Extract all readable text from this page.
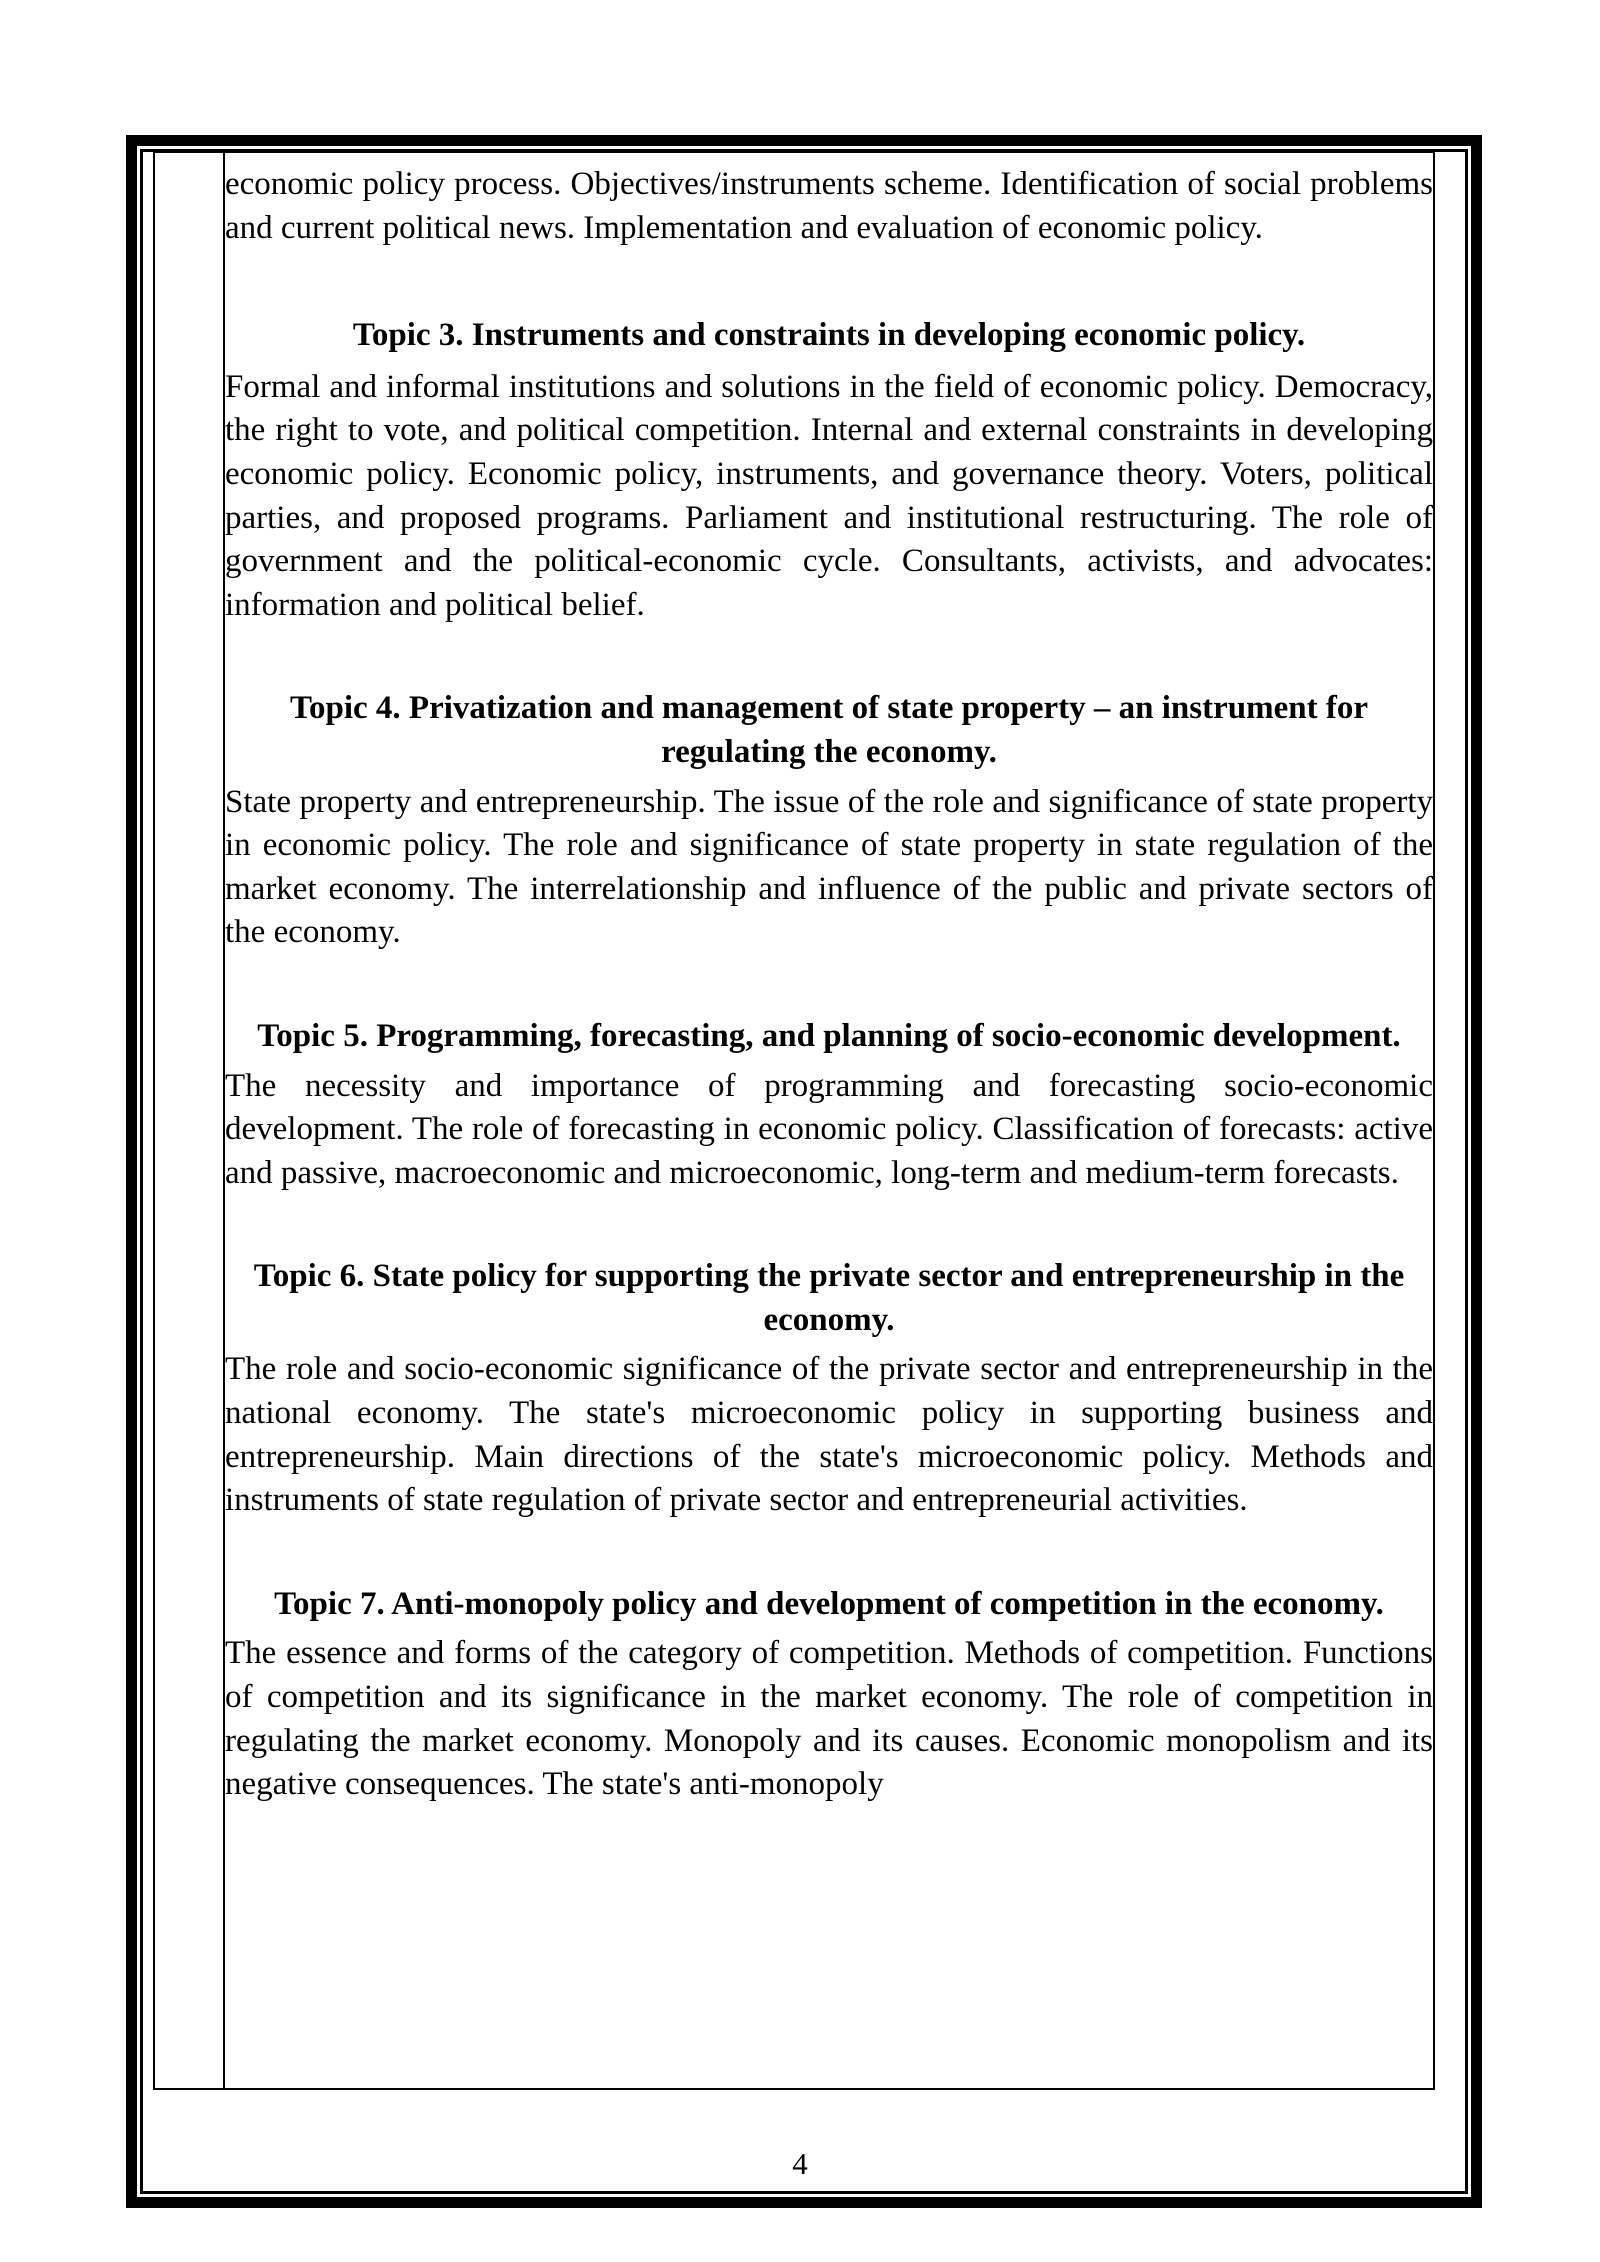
economic policy process. Objectives/instruments scheme. Identification of social problems and current political news. Implementation and evaluation of economic policy.

Topic 3. Instruments and constraints in developing economic policy.

Formal and informal institutions and solutions in the field of economic policy. Democracy, the right to vote, and political competition. Internal and external constraints in developing economic policy. Economic policy, instruments, and governance theory. Voters, political parties, and proposed programs. Parliament and institutional restructuring. The role of government and the political-economic cycle. Consultants, activists, and advocates: information and political belief.

Topic 4. Privatization and management of state property – an instrument for regulating the economy.

State property and entrepreneurship. The issue of the role and significance of state property in economic policy. The role and significance of state property in state regulation of the market economy. The interrelationship and influence of the public and private sectors of the economy.

Topic 5. Programming, forecasting, and planning of socio-economic development.

The necessity and importance of programming and forecasting socio-economic development. The role of forecasting in economic policy. Classification of forecasts: active and passive, macroeconomic and microeconomic, long-term and medium-term forecasts.

Topic 6. State policy for supporting the private sector and entrepreneurship in the economy.

The role and socio-economic significance of the private sector and entrepreneurship in the national economy. The state's microeconomic policy in supporting business and entrepreneurship. Main directions of the state's microeconomic policy. Methods and instruments of state regulation of private sector and entrepreneurial activities.

Topic 7. Anti-monopoly policy and development of competition in the economy.

The essence and forms of the category of competition. Methods of competition. Functions of competition and its significance in the market economy. The role of competition in regulating the market economy. Monopoly and its causes. Economic monopolism and its negative consequences. The state's anti-monopoly

4
